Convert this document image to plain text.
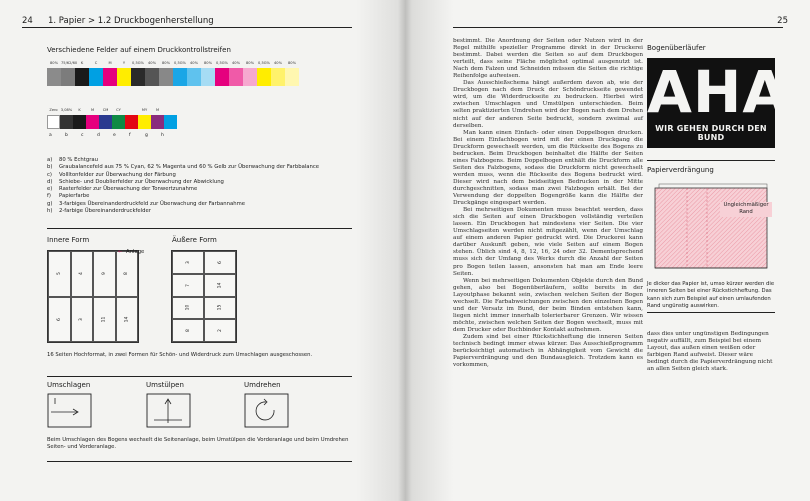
24 1. Papier > 1.2 Druckbogenherstellung
Verschiedene Felder auf einem Druckkontrollstreifen
80% 75/62/60	K	C	M	Y	0,5G%	40%	80%	0,5G%	40%	80%	0,5G%	40%	80%	0,5G%	40%	80%
Zero 3,08%	K	M	CM	CY	MY	M
a	b	c	d	e	f	g	h
a)	80 % Echtgrau
b)	Graubalancefeld aus 75 % Cyan, 62 % Magenta und 60 % Gelb zur Überwachung der Farbbalance
c)	Vollltonfelder zur Überwachung der Färbung
d)	Schiebe- und Doublierfelder zur Überwachung der Abwicklung
e)	Rasterfelder zur Überwachung der Tonwertzunahme
f)	Papierfarbe
g)	3-farbiges Übereinanderdruckfeld zur Überwachung der Farbannahme
h)	2-farbige Übereinanderdruckfelder
Innere Form	Äußere Form
5	4	9	8
6	3	11	14
← Anlage
3	6
7	14
10	15
8	2
16 Seiten Hochformat, in zwei Formen für Schön- und Widerdruck zum Umschlagen ausgeschossen.
Umschlagen	Umstülpen	Umdrehen
Beim Umschlagen des Bogens wechselt die Seitenanlage, beim Umstülpen die Vorderanlage und beim Umdrehen Seiten- und Vorderanlage.
25

bestimmt. Die Anordnung der Seiten oder Nutzen wird in der Regel mithilfe spezieller Programme direkt in der Druckerei bestimmt. Dabei werden die Seiten so auf dem Druckbogen verteilt, dass seine Fläche möglichst optimal ausgenutzt ist. Nach dem Falzen und Schneiden müssen die Seiten die richtige Reihenfolge aufweisen.

Das Ausschießschema hängt außerdem davon ab, wie der Druckbogen nach dem Druck der Schöndruckseite gewendet wird, um die Widerdruckseite zu bedrucken. Hierbei wird zwischen Umschlagen und Umstülpen unterschieden. Beim selten praktizierten Umdrehen wird der Bogen nach dem Drehen nicht auf der anderen Seite bedruckt, sondern zweimal auf derselben.

Man kann einen Einfach- oder einen Doppelbogen drucken. Bei einem Einfachbogen wird mit der einen Druckgang die Druckform gewechselt werden, um die Rückseite des Bogens zu bedrucken. Beim Druckbogen beinhaltet die Hälfte der Seiten eines Falzbogens. Beim Doppelbogen enthält die Druckform alle Seiten des Falzbogens, sodass die Druckform nicht gewechselt werden muss, wenn die Rückseite des Bogens bedruckt wird. Dieser wird nach dem beidseitigen Bedrucken in der Mitte durchgeschnitten, sodass man zwei Falzbogen erhält. Bei der Verwendung der doppelten Bogengröße kann die Hälfte der Druckgänge eingespart werden.

Bei mehrseitigen Dokumenten muss beachtet werden, dass sich die Seiten auf einen Druckbogen vollständig verteilen lassen. Ein Druckbogen hat mindestens vier Seiten. Die vier Umschlagseiten werden nicht mitgezählt, wenn der Umschlag auf einem anderen Papier gedruckt wird. Die Druckerei kann darüber Auskunft geben, wie viele Seiten auf einem Bogen stehen. Üblich sind 4, 8, 12, 16, 24 oder 32. Dementsprechend muss sich der Umfang des Werks durch die Anzahl der Seiten pro Bogen teilen lassen, ansonsten hat man am Ende leere Seiten.

Wenn bei mehrseitigen Dokumenten Objekte durch den Bund gehen, also bei Bogenüberläufern, sollte bereits in der Layoutphase bekannt sein, zwischen welchen Seiten der Bogen wechselt. Die Farbabweichungen zwischen den einzelnen Bogen und der Versatz im Bund, der beim Binden entstehen kann, liegen nicht immer innerhalb tolerierbarer Grenzen. Wir wissen möchte, zwischen welchen Seiten der Bogen wechselt, muss mit dem Drucker oder Buchbinder Kontakt aufnehmen.

Zudem sind bei einer Rückstichheftung die inneren Seiten technisch bedingt immer etwas kürzer. Das Ausschießprogramm berücksichtigt automatisch in Abhängigkeit vom Gewicht die Papierverdrängung und den Bundausgleich. Trotzdem kann es vorkommen,

Bogenüberläufer
AHA
WIR GEHEN DURCH DEN BUND
Papierverdrängung
Ungleichmäßiger Rand
Je dicker das Papier ist, umso kürzer werden die inneren Seiten bei einer Rückstichheftung. Das kann sich zum Beispiel auf einen umlaufenden Rand ungünstig auswirken.
dass dies unter ungünstigen Bedingungen negativ auffällt, zum Beispiel bei einem Layout, das außen einen weißen oder farbigen Rand aufweist. Dieser wäre bedingt durch die Papierverdrängung nicht an allen Seiten gleich stark.
